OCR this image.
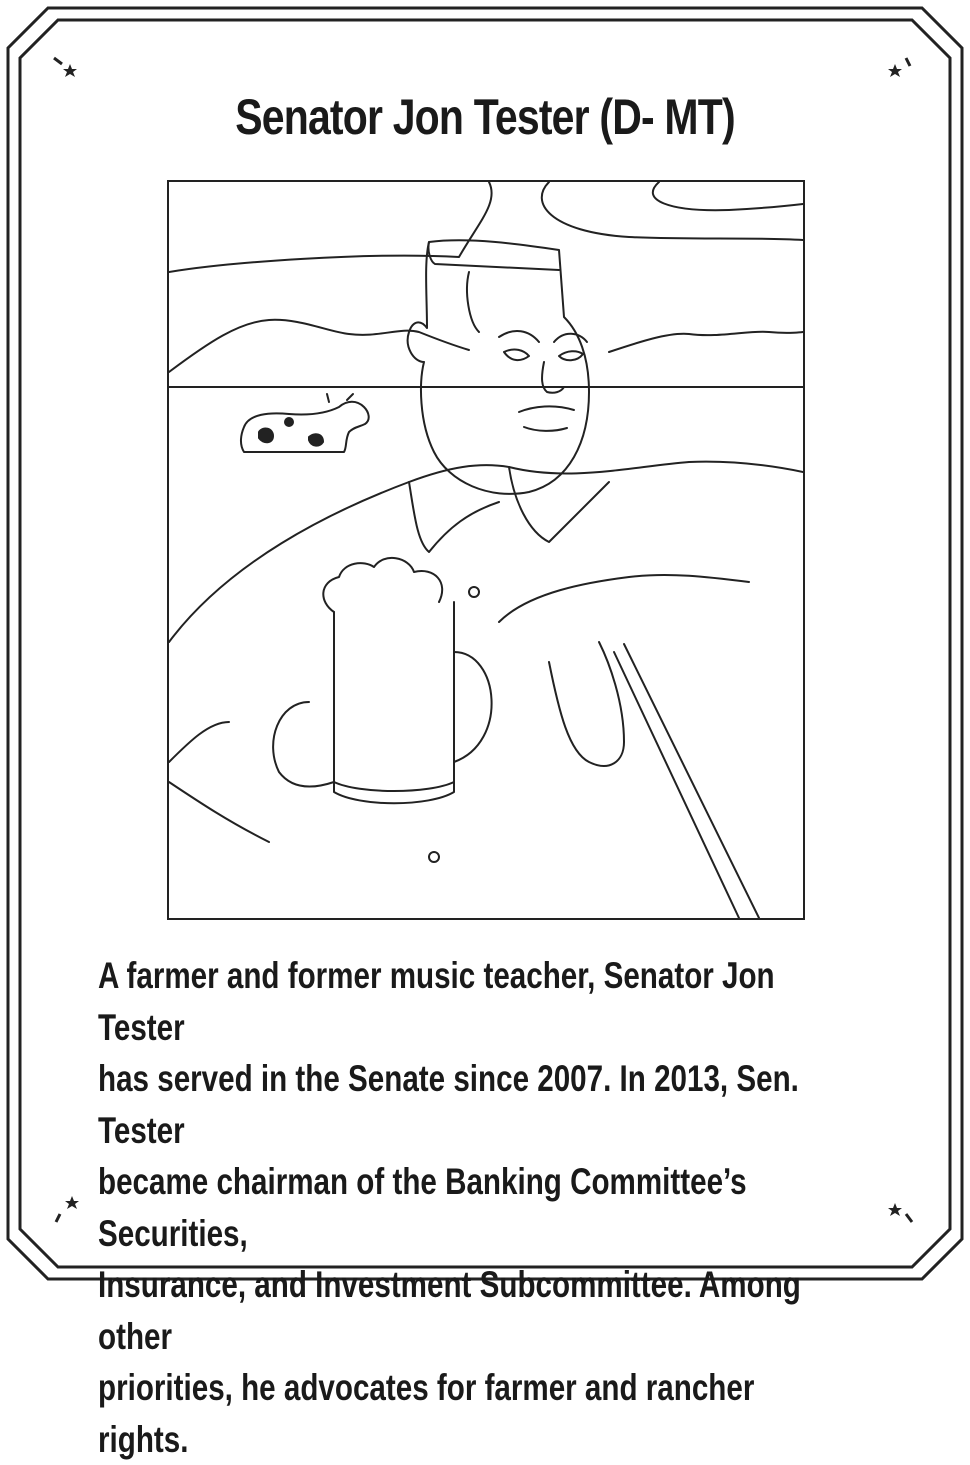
Senator Jon Tester (D- MT)
A farmer and former music teacher, Senator Jon Tester
has served in the Senate since 2007. In 2013, Sen. Tester
became chairman of the Banking Committee’s Securities,
Insurance, and Investment Subcommittee. Among other
priorities, he advocates for farmer and rancher rights.
